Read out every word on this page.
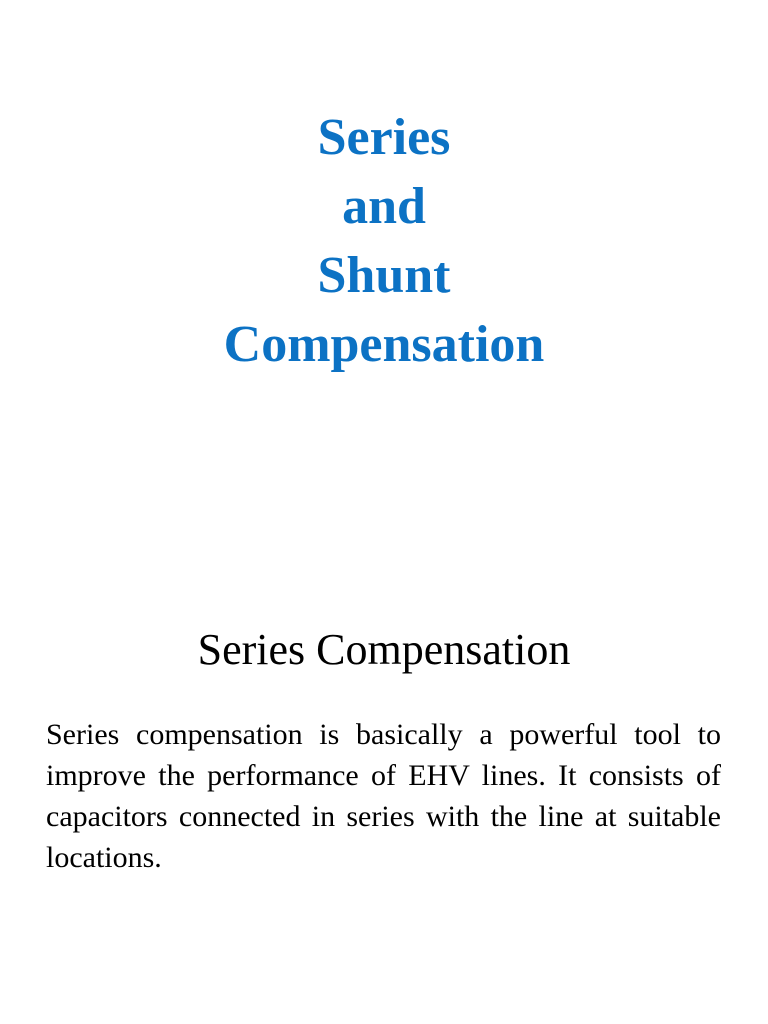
Series
and
Shunt
Compensation
Series Compensation

Series compensation is basically a powerful tool to improve the performance of EHV lines. It consists of capacitors connected in series with the line at suitable locations.
